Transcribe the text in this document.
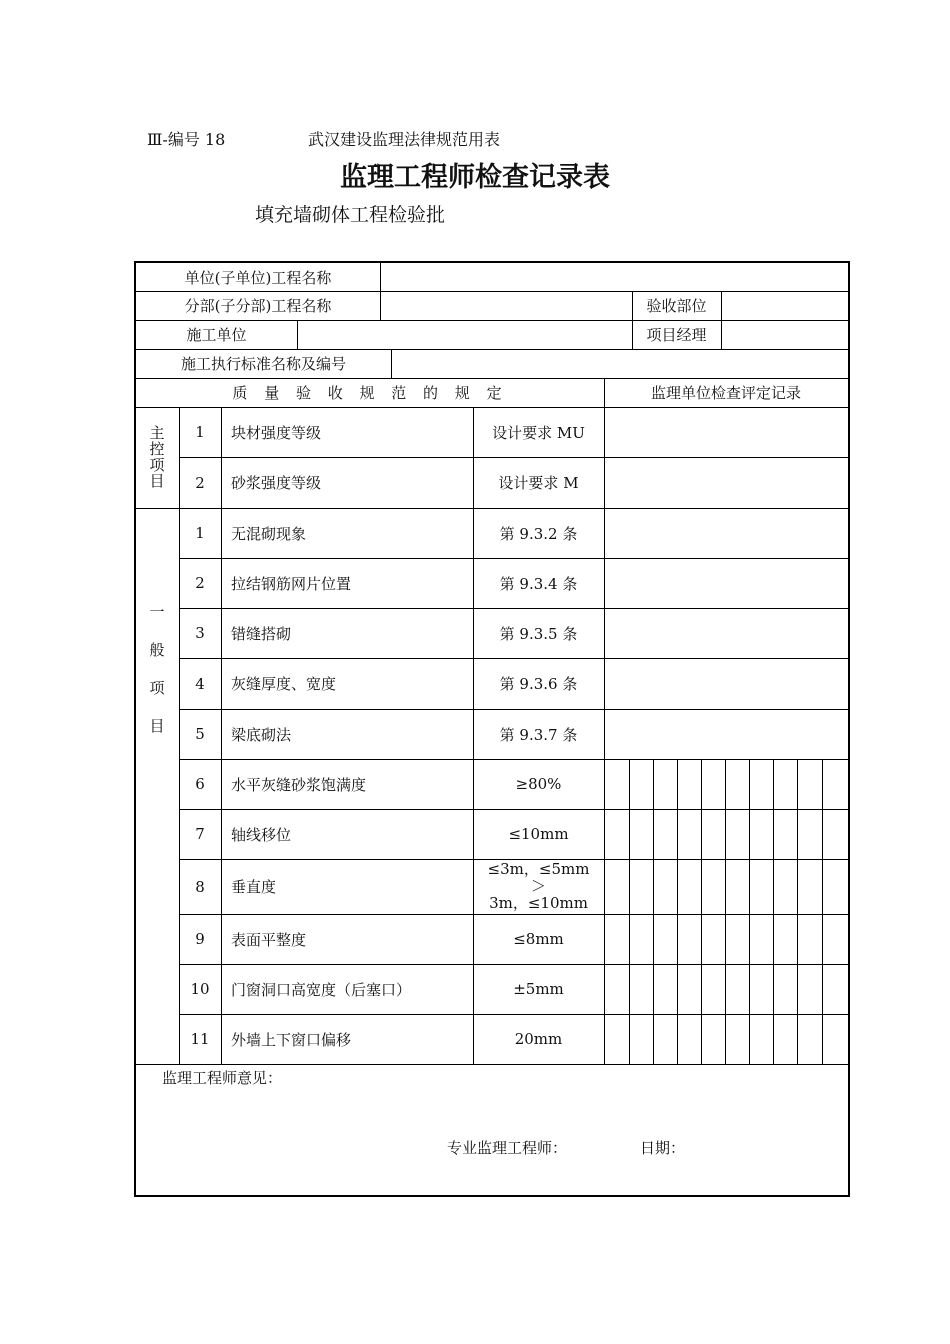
Ⅲ-编号 18	武汉建设监理法律规范用表
监理工程师检查记录表
填充墙砌体工程检验批
单位(子单位)工程名称
分部(子分部)工程名称	验收部位
施工单位	项目经理
施工执行标准名称及编号
质 量 验 收 规 范 的 规 定	监理单位检查评定记录
主控项目
一般项目
1	块材强度等级	设计要求 MU
2	砂浆强度等级	设计要求 M
1	无混砌现象	第 9.3.2 条
2	拉结钢筋网片位置	第 9.3.4 条
3	错缝搭砌	第 9.3.5 条
4	灰缝厚度、宽度	第 9.3.6 条
5	梁底砌法	第 9.3.7 条
6	水平灰缝砂浆饱满度	≥80%
7	轴线移位	≤10mm
8	垂直度
≤3m，≤5mm
＞
3m，≤10mm
9	表面平整度	≤8mm
10	门窗洞口高宽度（后塞口）	±5mm
11	外墙上下窗口偏移	20mm
监理工程师意见：
专业监理工程师：	日期：
